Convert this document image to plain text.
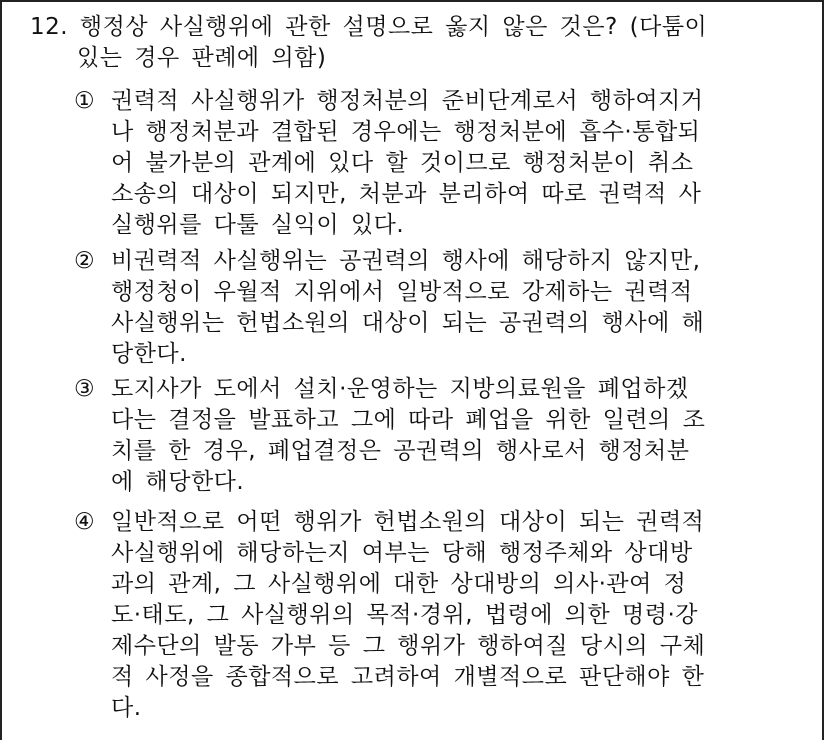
12. 행정상 사실행위에 관한 설명으로 옳지 않은 것은? (다툼이
있는 경우 판례에 의함)
① 권력적 사실행위가 행정처분의 준비단계로서 행하여지거
나 행정처분과 결합된 경우에는 행정처분에 흡수·통합되
어 불가분의 관계에 있다 할 것이므로 행정처분이 취소
소송의 대상이 되지만, 처분과 분리하여 따로 권력적 사
실행위를 다툴 실익이 있다.
② 비권력적 사실행위는 공권력의 행사에 해당하지 않지만,
행정청이 우월적 지위에서 일방적으로 강제하는 권력적
사실행위는 헌법소원의 대상이 되는 공권력의 행사에 해
당한다.
③ 도지사가 도에서 설치·운영하는 지방의료원을 폐업하겠
다는 결정을 발표하고 그에 따라 폐업을 위한 일련의 조
치를 한 경우, 폐업결정은 공권력의 행사로서 행정처분
에 해당한다.
④ 일반적으로 어떤 행위가 헌법소원의 대상이 되는 권력적
사실행위에 해당하는지 여부는 당해 행정주체와 상대방
과의 관계, 그 사실행위에 대한 상대방의 의사·관여 정
도·태도, 그 사실행위의 목적·경위, 법령에 의한 명령·강
제수단의 발동 가부 등 그 행위가 행하여질 당시의 구체
적 사정을 종합적으로 고려하여 개별적으로 판단해야 한
다.
